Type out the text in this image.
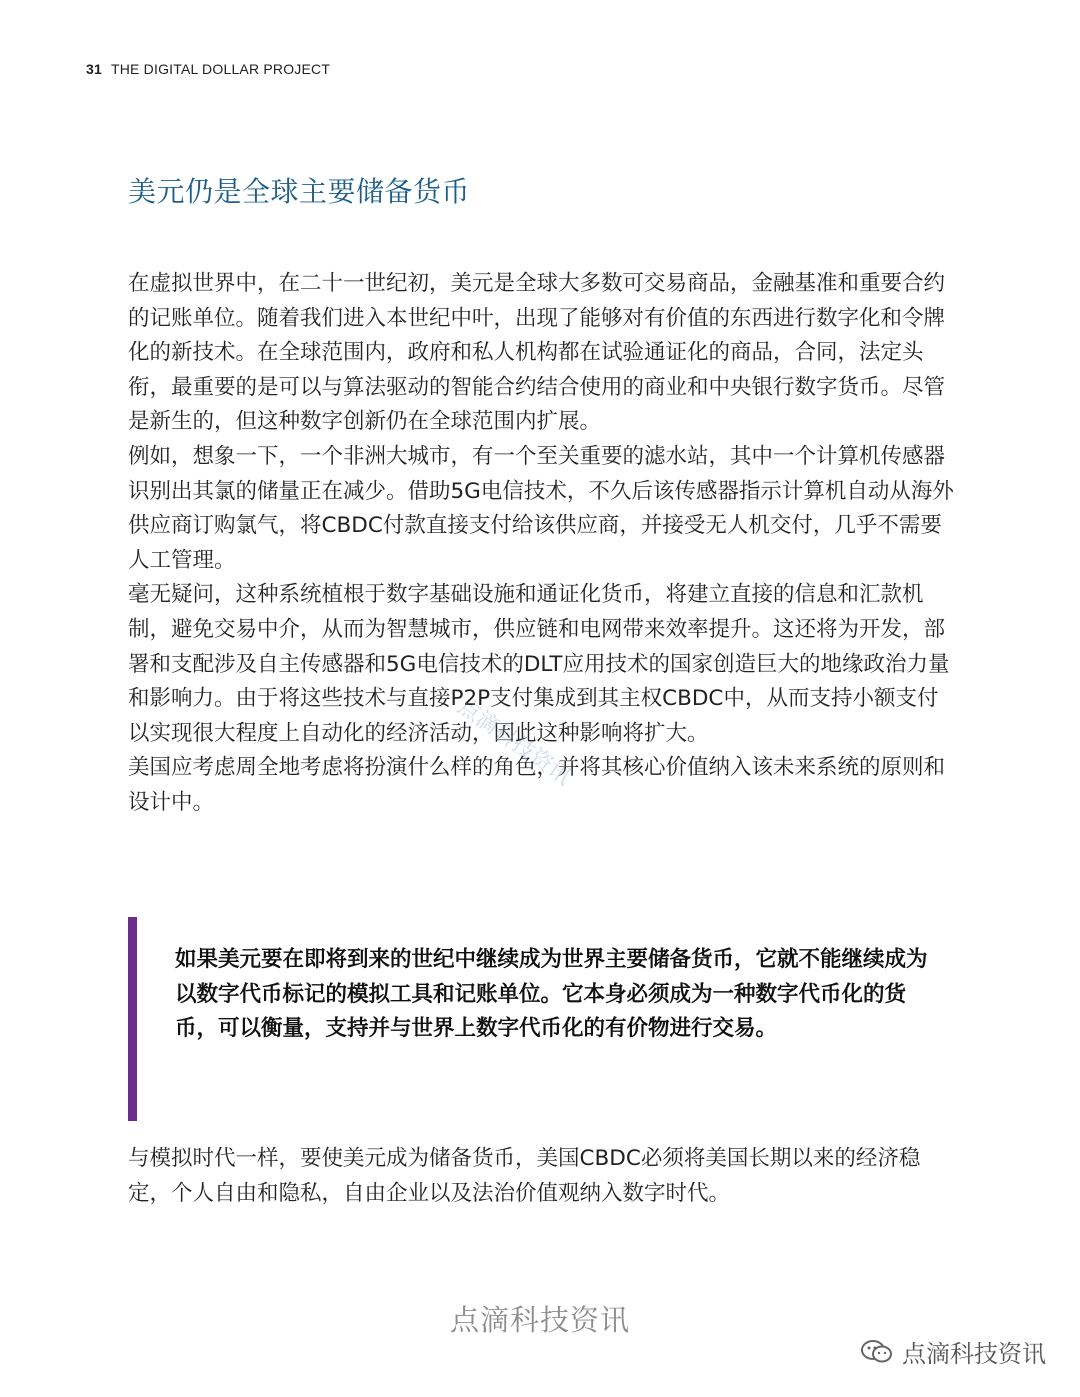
31 THE DIGITAL DOLLAR PROJECT
美元仍是全球主要储备货币

在虚拟世界中，在二十一世纪初，美元是全球大多数可交易商品，金融基准和重要合约的记账单位。随着我们进入本世纪中叶，出现了能够对有价值的东西进行数字化和令牌化的新技术。在全球范围内，政府和私人机构都在试验通证化的商品，合同，法定头衔，最重要的是可以与算法驱动的智能合约结合使用的商业和中央银行数字货币。尽管是新生的，但这种数字创新仍在全球范围内扩展。

例如，想象一下，一个非洲大城市，有一个至关重要的滤水站，其中一个计算机传感器识别出其氯的储量正在减少。借助5G电信技术，不久后该传感器指示计算机自动从海外供应商订购氯气，将CBDC付款直接支付给该供应商，并接受无人机交付，几乎不需要人工管理。

毫无疑问，这种系统植根于数字基础设施和通证化货币，将建立直接的信息和汇款机制，避免交易中介，从而为智慧城市，供应链和电网带来效率提升。这还将为开发，部署和支配涉及自主传感器和5G电信技术的DLT应用技术的国家创造巨大的地缘政治力量和影响力。由于将这些技术与直接P2P支付集成到其主权CBDC中，从而支持小额支付以实现很大程度上自动化的经济活动，因此这种影响将扩大。

美国应考虑周全地考虑将扮演什么样的角色，并将其核心价值纳入该未来系统的原则和设计中。

点滴科技资讯

如果美元要在即将到来的世纪中继续成为世界主要储备货币，它就不能继续成为以数字代币标记的模拟工具和记账单位。它本身必须成为一种数字代币化的货币，可以衡量，支持并与世界上数字代币化的有价物进行交易。

与模拟时代一样，要使美元成为储备货币，美国CBDC必须将美国长期以来的经济稳定，个人自由和隐私，自由企业以及法治价值观纳入数字时代。

点滴科技资讯
点滴科技资讯
